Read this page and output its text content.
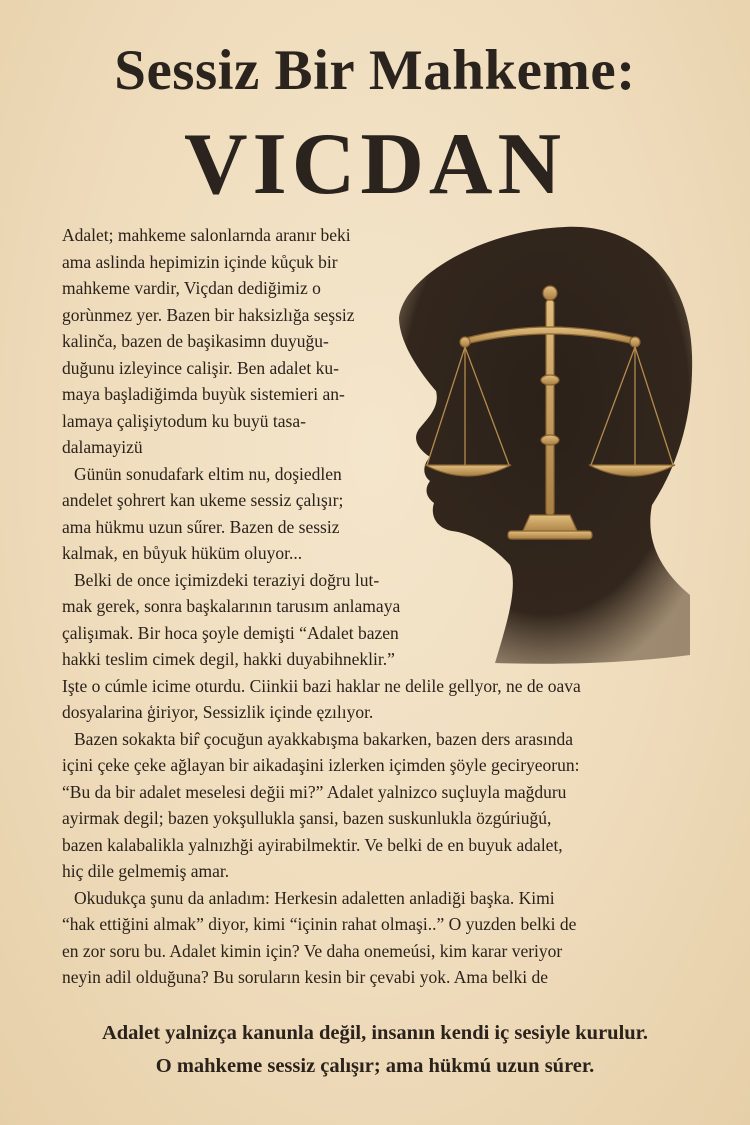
Sessiz Bir Mahkeme:
VICDAN
Adalet; mahkeme salonlarnda aranır beki
ama aslinda hepimizin içinde kůçuk bir
mahkeme vardir, Viçdan dediğimiz o
gorùnmez yer. Bazen bir haksizlığa seşsiz
kalinča, bazen de başikasimn duyuğu-
duğunu izleyince calişir. Ben adalet ku-
maya başladiğimda buyùk sistemieri an-
lamaya çalişiytodum ku buyü tasa-
dalamayizü
Günün sonudafark eltim nu, doşiedlen
andelet şohrert kan ukeme sessiz çalışır;
ama hükmu uzun sűrer. Bazen de sessiz
kalmak, en bůyuk hüküm oluyor...
Belki de once içimizdeki teraziyi doğru lut-
mak gerek, sonra başkalarının tarusım anlamaya
çalişımak. Bir hoca şoyle demişti “Adalet bazen
hakki teslim cimek degil, hakki duyabihneklir.”
Işte o cúmle icime oturdu. Ciinkii bazi haklar ne delile gellyor, ne de oava
dosyalarina ģiriyor, Sessizlik içinde ęzılıyor.
Bazen sokakta bir̂ çocuğun ayakkabışma bakarken, bazen ders arasında
içini çeke çeke ağlayan bir aikadaşini izlerken içimden şöyle geciryeorun:
“Bu da bir adalet meselesi değii mi?” Adalet yalnizco suçluyla mağduru
ayirmak degil; bazen yokşullukla şansi, bazen suskunlukla özgúriuğú,
bazen kalabalikla yalnızhği ayirabilmektir. Ve belki de en buyuk adalet,
hiç dile gelmemiş amar.
Okudukça şunu da anladım: Herkesin adaletten anladiği başka. Kimi
“hak ettiğini almak” diyor, kimi “içinin rahat olmaşi..” O yuzden belki de
en zor soru bu. Adalet kimin için? Ve daha onemeúsi, kim karar veriyor
neyin adil olduğuna? Bu soruların kesin bir çevabi yok. Ama belki de
Adalet yalnizça kanunla değil, insanın kendi iç sesiyle kurulur.
O mahkeme sessiz çalışır; ama hükmú uzun súrer.
